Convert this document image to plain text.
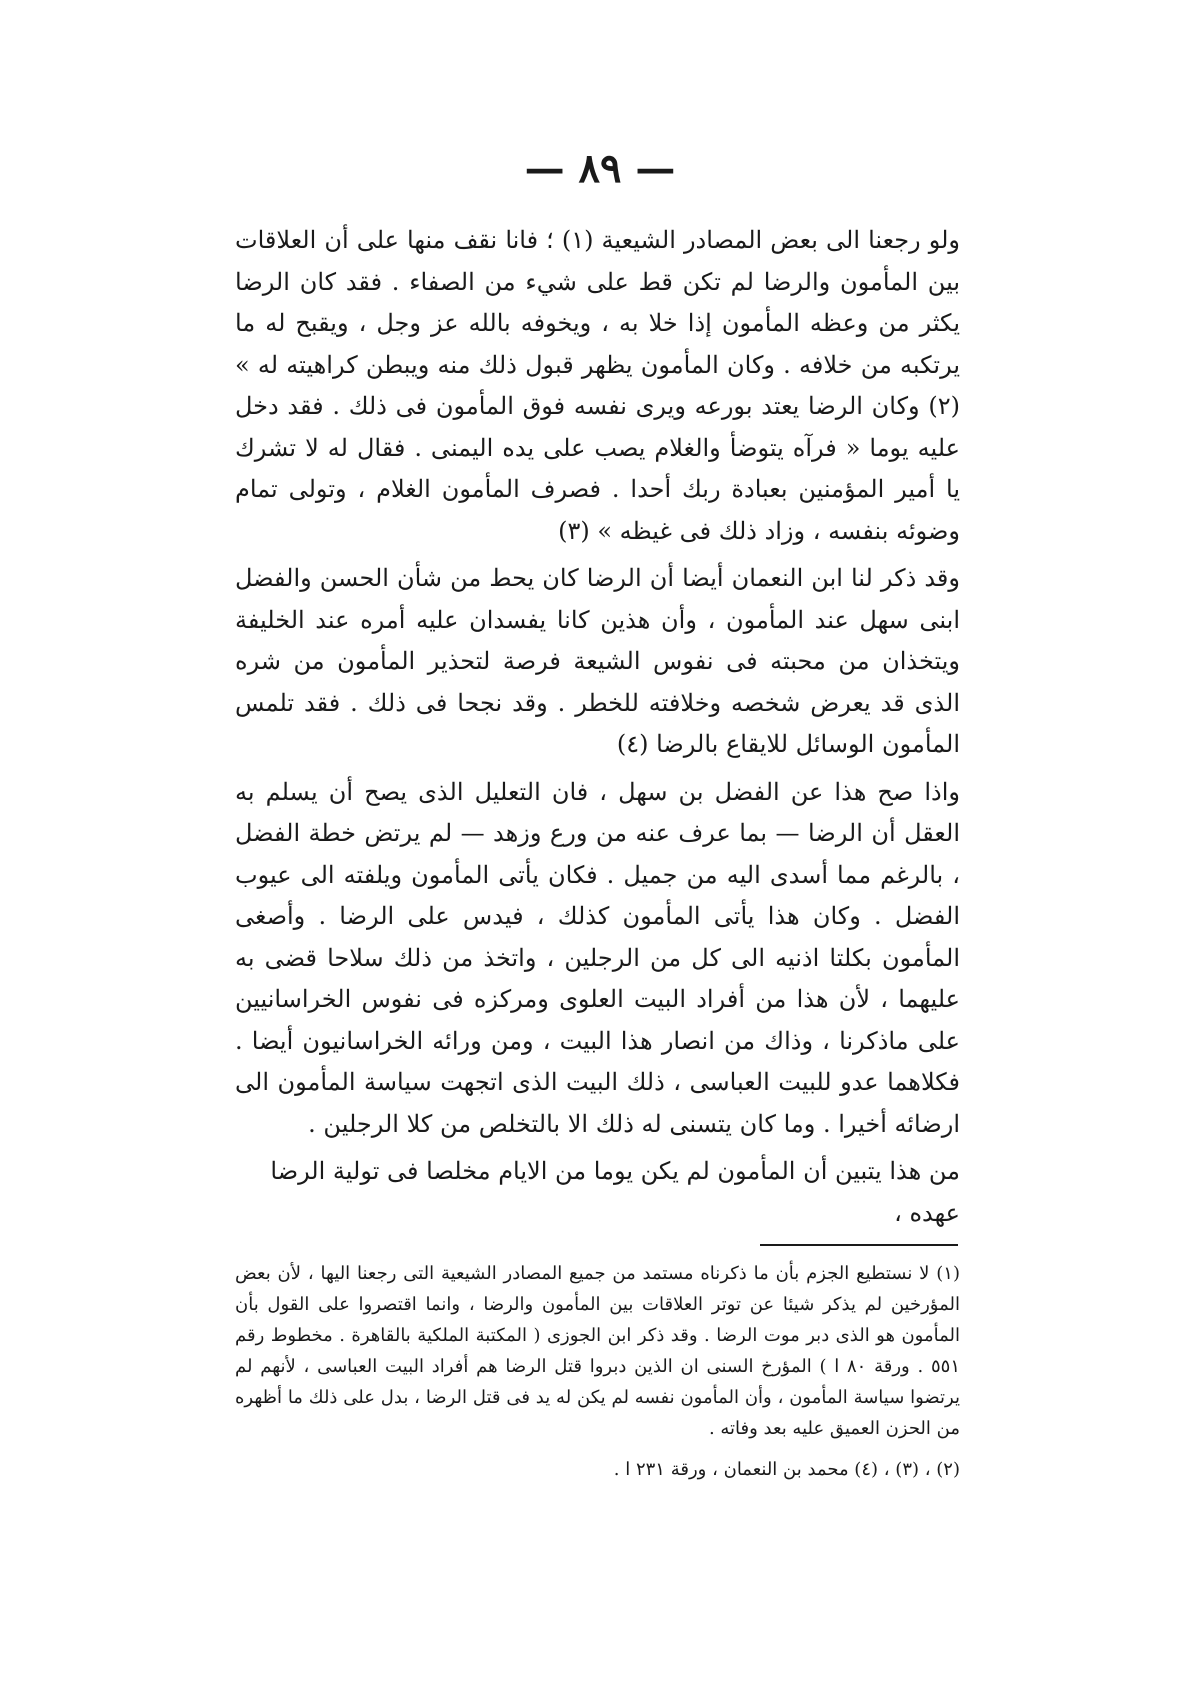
— ٨٩ —

ولو رجعنا الى بعض المصادر الشيعية (١) ؛ فانا نقف منها على أن العلاقات بين المأمون والرضا لم تكن قط على شيء من الصفاء . فقد كان الرضا يكثر من وعظه المأمون إذا خلا به ، ويخوفه بالله عز وجل ، ويقبح له ما يرتكبه من خلافه . وكان المأمون يظهر قبول ذلك منه ويبطن كراهيته له » (٢) وكان الرضا يعتد بورعه ويرى نفسه فوق المأمون فى ذلك . فقد دخل عليه يوما « فرآه يتوضأ والغلام يصب على يده اليمنى . فقال له لا تشرك يا أمير المؤمنين بعبادة ربك أحدا . فصرف المأمون الغلام ، وتولى تمام وضوئه بنفسه ، وزاد ذلك فى غيظه » (٣)

وقد ذكر لنا ابن النعمان أيضا أن الرضا كان يحط من شأن الحسن والفضل ابنى سهل عند المأمون ، وأن هذين كانا يفسدان عليه أمره عند الخليفة ويتخذان من محبته فى نفوس الشيعة فرصة لتحذير المأمون من شره الذى قد يعرض شخصه وخلافته للخطر . وقد نجحا فى ذلك . فقد تلمس المأمون الوسائل للايقاع بالرضا (٤)

واذا صح هذا عن الفضل بن سهل ، فان التعليل الذى يصح أن يسلم به العقل أن الرضا — بما عرف عنه من ورع وزهد — لم يرتض خطة الفضل ، بالرغم مما أسدى اليه من جميل . فكان يأتى المأمون ويلفته الى عيوب الفضل . وكان هذا يأتى المأمون كذلك ، فيدس على الرضا . وأصغى المأمون بكلتا اذنيه الى كل من الرجلين ، واتخذ من ذلك سلاحا قضى به عليهما ، لأن هذا من أفراد البيت العلوى ومركزه فى نفوس الخراسانيين على ماذكرنا ، وذاك من انصار هذا البيت ، ومن ورائه الخراسانيون أيضا . فكلاهما عدو للبيت العباسى ، ذلك البيت الذى اتجهت سياسة المأمون الى ارضائه أخيرا . وما كان يتسنى له ذلك الا بالتخلص من كلا الرجلين .

من هذا يتبين أن المأمون لم يكن يوما من الايام مخلصا فى تولية الرضا عهده ،

(١) لا نستطيع الجزم بأن ما ذكرناه مستمد من جميع المصادر الشيعية التى رجعنا اليها ، لأن بعض المؤرخين لم يذكر شيئا عن توتر العلاقات بين المأمون والرضا ، وانما اقتصروا على القول بأن المأمون هو الذى دبر موت الرضا . وقد ذكر ابن الجوزى ( المكتبة الملكية بالقاهرة . مخطوط رقم ٥٥١ . ورقة ٨٠ ا ) المؤرخ السنى ان الذين دبروا قتل الرضا هم أفراد البيت العباسى ، لأنهم لم يرتضوا سياسة المأمون ، وأن المأمون نفسه لم يكن له يد فى قتل الرضا ، بدل على ذلك ما أظهره من الحزن العميق عليه بعد وفاته .

(٢) ، (٣) ، (٤) محمد بن النعمان ، ورقة ٢٣١ ا .
